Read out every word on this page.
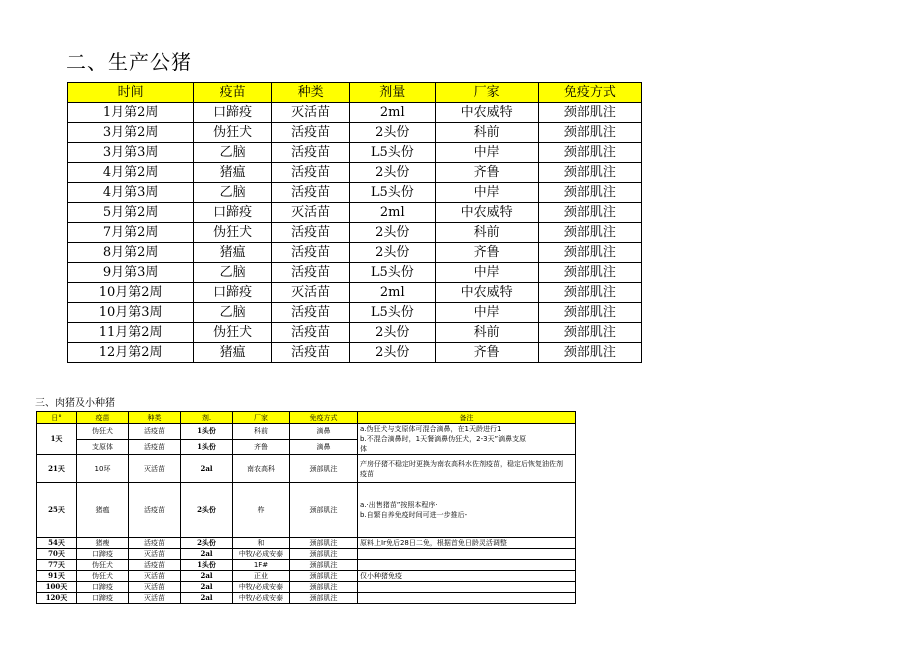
二、生产公猪
时间	疫苗	种类	剂量	厂家	免疫方式
1月第2周	口蹄疫	灭活苗	2ml	中农威特	颈部肌注
3月第2周	伪狂犬	活疫苗	2头份	科前	颈部肌注
3月第3周	乙脑	活疫苗	L5头份	中岸	颈部肌注
4月第2周	猪瘟	活疫苗	2头份	齐鲁	颈部肌注
4月第3周	乙脑	活疫苗	L5头份	中岸	颈部肌注
5月第2周	口蹄疫	灭活苗	2ml	中农威特	颈部肌注
7月第2周	伪狂犬	活疫苗	2头份	科前	颈部肌注
8月第2周	猪瘟	活疫苗	2头份	齐鲁	颈部肌注
9月第3周	乙脑	活疫苗	L5头份	中岸	颈部肌注
10月第2周	口蹄疫	灭活苗	2ml	中农威特	颈部肌注
10月第3周	乙脑	活疫苗	L5头份	中岸	颈部肌注
11月第2周	伪狂犬	活疫苗	2头份	科前	颈部肌注
12月第2周	猪瘟	活疫苗	2头份	齐鲁	颈部肌注
三、肉猪及小种猪
日°	疫苗	种类	剂.	厂家	免疫方式	备注
1天	伪狂犬	活疫苗	1头份	科前	滴鼻	a.伪狂犬与支原体可混合滴鼻，在1天龄进行1
b.不混合滴鼻时，1天餐滴鼻伪狂犬，2-3天”滴鼻支原
体

	支原体	活疫苗	1头份	齐鲁	滴鼻	
21天	10环	灭活苗	2al	南农高科	颈部肌注	产房仔猪不稳定时更换为南农高科水佐剂疫苗，稳定后恢复油佐剂
疫苗

25天	猪瘟	活疫苗	2头份	柞	颈部肌注	a.·出售猪苗”按照本程序·
b.自繁自养免疫时间可进一步推后-

54天	猪瘦	活疫苗	2头份	和	颈部肌注	原料上Ir免后28日二免，根据首免日龄灵活调整

70天	口蹄疫	灭活苗	2al	中牧/必成安泰	颈部肌注	

77天	伪狂犬	活疫苗	1头份	1F#	颈部肌注	

91天	伪狂犬	灭活苗	2al	正业	颈部肌注	仅小种猪免疫

100天	口蹄疫	灭活苗	2al	中牧/必成安泰	颈部肌注	

120天	口蹄疫	灭活苗	2al	中牧/必成安泰	颈部肌注	
